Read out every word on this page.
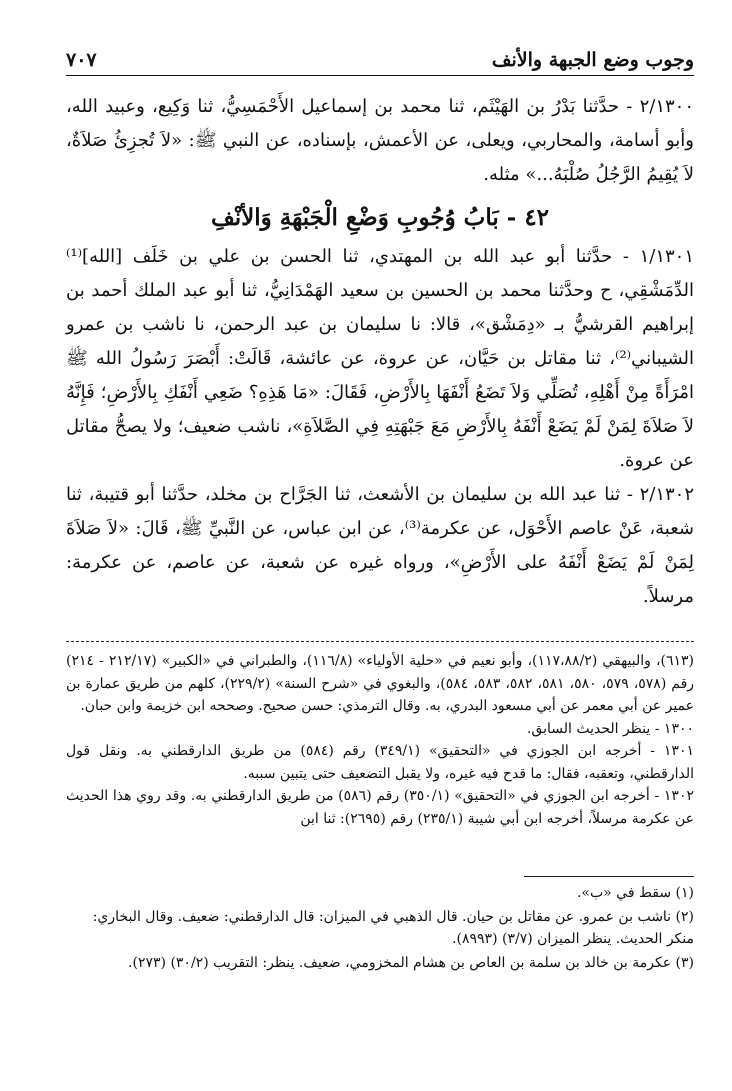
وجوب وضع الجبهة والأنف
٧٠٧

٢/١٣٠٠ - حدَّثنا بَدْرُ بن الهَيْثَم، ثنا محمد بن إسماعيل الأَحْمَسِيُّ، ثنا وَكِيع، وعبيد الله، وأبو أسامة، والمحاربي، ويعلى، عن الأعمش، بإسناده، عن النبي ﷺ: «لاَ تُجزِئُ صَلاَةٌ، لاَ يُقِيمُ الرَّجُلُ صُلْبَهُ...» مثله.

٤٢ - بَابُ وُجُوبِ وَضْعِ الْجَبْهَةِ وَالأنْفِ

١/١٣٠١ - حدَّثنا أبو عبد الله بن المهتدي، ثنا الحسن بن علي بن خَلَف [الله]⁽¹⁾ الدِّمَشْقِي، ح وحدَّثنا محمد بن الحسين بن سعيد الهَمْدَانِيُّ، ثنا أبو عبد الملك أحمد بن إبراهيم القرشيُّ بـ «دِمَشْق»، قالا: نا سليمان بن عبد الرحمن، نا ناشب بن عمرو الشيباني⁽²⁾، ثنا مقاتل بن حَيَّان، عن عروة، عن عائشة، قَالَتْ: أَبْصَرَ رَسُولُ الله ﷺ امْرَأَةً مِنْ أَهْلِهِ، تُصَلِّي وَلاَ تَضَعُ أَنْفَهَا بِالأَرْضِ، فَقَالَ: «مَا هَذِهِ؟ ضَعِي أَنْفَكِ بِالأَرْضِ؛ فَإِنَّهُ لاَ صَلاَةَ لِمَنْ لَمْ يَضَعْ أَنْفَهُ بِالأَرْضِ مَعَ جَبْهَتِهِ فِي الصَّلاَةِ»، ناشب ضعيف؛ ولا يصحُّ مقاتل عن عروة.

٢/١٣٠٢ - ثنا عبد الله بن سليمان بن الأشعث، ثنا الجَرَّاح بن مخلد، حدَّثنا أبو قتيبة، ثنا شعبة، عَنْ عاصم الأَحْوَل، عن عكرمة⁽³⁾، عن ابن عباس، عن النَّبيِّ ﷺ، قَالَ: «لاَ صَلاَةَ لِمَنْ لَمْ يَضَعْ أَنْفَهُ على الأَرْضِ»، ورواه غيره عن شعبة، عن عاصم، عن عكرمة: مرسلاً.

(٦١٣)، والبيهقي (١١٧،٨٨/٢)، وأبو نعيم في «حلية الأولياء» (١١٦/٨)، والطبراني في «الكبير» (٢١٢/١٧ - ٢١٤) رقم (٥٧٨، ٥٧٩، ٥٨٠، ٥٨١، ٥٨٢، ٥٨٣، ٥٨٤)، والبغوي في «شرح السنة» (٢٢٩/٢)، كلهم من طريق عمارة بن عمير عن أبي معمر عن أبي مسعود البدري، به. وقال الترمذي: حسن صحيح. وصححه ابن خزيمة وابن حبان.

١٣٠٠ - ينظر الحديث السابق.

١٣٠١ - أخرجه ابن الجوزي في «التحقيق» (٣٤٩/١) رقم (٥٨٤) من طريق الدارقطني به. ونقل قول الدارقطني، وتعقبه، فقال: ما قدح فيه غيره، ولا يقبل التضعيف حتى يتبين سببه.

١٣٠٢ - أخرجه ابن الجوزي في «التحقيق» (٣٥٠/١) رقم (٥٨٦) من طريق الدارقطني به. وقد روي هذا الحديث عن عكرمة مرسلاً، أخرجه ابن أبي شيبة (٢٣٥/١) رقم (٢٦٩٥): ثنا ابن

(١) سقط في «ب».

(٢) ناشب بن عمرو. عن مقاتل بن حيان. قال الذهبي في الميزان: قال الدارقطني: ضعيف. وقال البخاري: منكر الحديث. ينظر الميزان (٣/٧) (٨٩٩٣).

(٣) عكرمة بن خالد بن سلمة بن العاص بن هشام المخزومي، ضعيف. ينظر: التقريب (٣٠/٢) (٢٧٣).
